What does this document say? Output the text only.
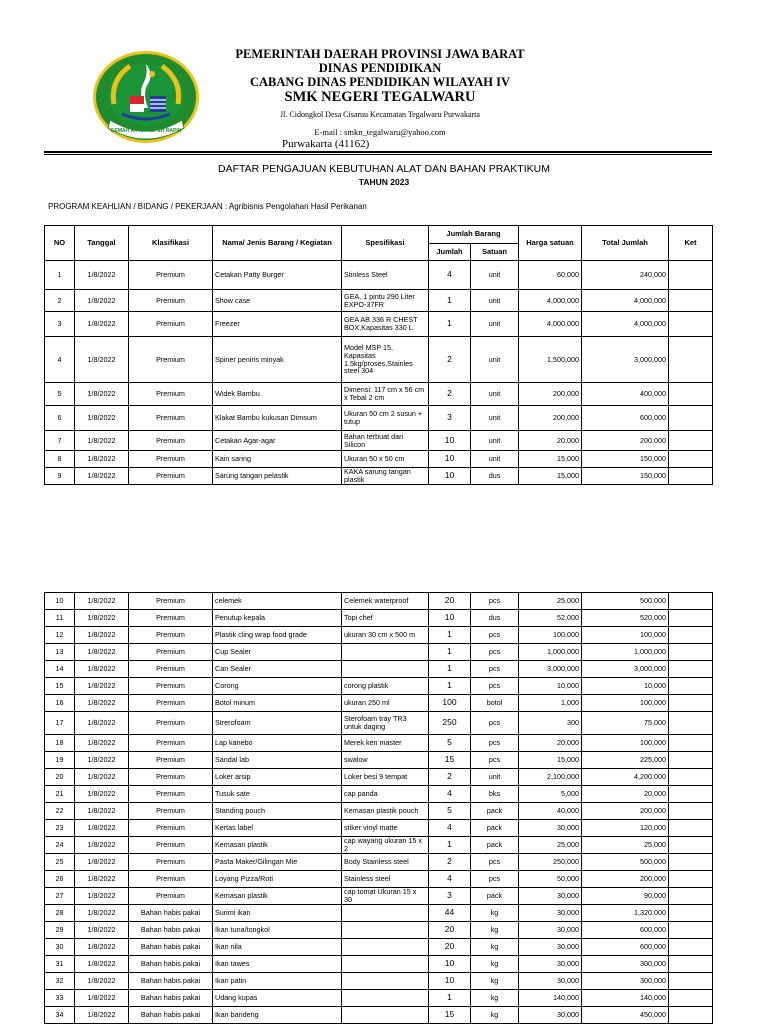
GEMAH RIPAH REPEH RAPIH
PEMERINTAH DAERAH PROVINSI JAWA BARAT
DINAS PENDIDIKAN
CABANG DINAS PENDIDIKAN WILAYAH IV
SMK NEGERI TEGALWARU
Jl. Cidongkol Desa Cisaruu Kecamatan Tegalwaru Purwakarta
E-mail : smkn_tegalwaru@yahoo.com
Purwakarta (41162)
DAFTAR PENGAJUAN KEBUTUHAN ALAT DAN BAHAN PRAKTIKUM
TAHUN 2023
PROGRAM KEAHLIAN / BIDANG / PEKERJAAN : Agribisnis Pengolahan Hasil Perikanan
NO	Tanggal	Klasifikasi	Nama/ Jenis Barang / Kegiatan	Spesifikasi	Jumlah Barang		Harga satuan	Total Jumlah	Ket
					Jumlah	Satuan			
1	1/8/2022	Premium	Cetakan Patty Burger	Stinless Steel	4	unit	60,000	240,000	
2	1/8/2022	Premium	Show case	GEA, 1 pintu 290 Liter EXPO-37FR	1	unit	4,000,000	4,000,000	
3	1/8/2022	Premium	Freezer	GEA AB 336 R CHEST BOX,Kapasitas 330 L	1	unit	4,000,000	4,000,000	
4	1/8/2022	Premium	Spiner peniris minyak	Model MSP 15, Kapasitas 1.5kg/proses,Stainles steel 304	2	unit	1,500,000	3,000,000	
5	1/8/2022	Premium	Widek Bambu	Dimensi: 117 cm x 56 cm x Tebal 2 cm	2	unit	200,000	400,000	
6	1/8/2022	Premium	Klakat Bambu kukusan Dimsum	Ukuran 50 cm 2 susun + tutup	3	unit	200,000	600,000	
7	1/8/2022	Premium	Cetakan Agar-agar	Bahan terbuat dari Silicon	10	unit	20,000	200,000	
8	1/8/2022	Premium	Kain saring	Ukuran 50 x 50 cm	10	unit	15,000	150,000	
9	1/8/2022	Premium	Sarung tangan pelastik	KAKA sarung tangan plastik	10	dus	15,000	150,000	
10	1/8/2022	Premium	celemek	Celemek waterproof	20	pcs	25,000	500,000	
11	1/8/2022	Premium	Penutup kepala	Topi chef	10	dus	52,000	520,000	
12	1/8/2022	Premium	Plastik cling wrap food grade	ukuran 30 cm x 500 m	1	pcs	100,000	100,000	
13	1/8/2022	Premium	Cup Sealer		1	pcs	1,000,000	1,000,000	
14	1/8/2022	Premium	Can Sealer		1	pcs	3,000,000	3,000,000	
15	1/8/2022	Premium	Corong	corong plastik	1	pcs	10,000	10,000	
16	1/8/2022	Premium	Botol minum	ukuran 250 ml	100	botol	1,000	100,000	
17	1/8/2022	Premium	Strerofoam	Sterofoam tray TR3 untuk daging	250	pcs	300	75,000	
18	1/8/2022	Premium	Lap kanebo	Merek ken master	5	pcs	20,000	100,000	
19	1/8/2022	Premium	Sandal lab	swalow	15	pcs	15,000	225,000	
20	1/8/2022	Premium	Loker arsip	Loker besi 9 tempat	2	unit	2,100,000	4,200,000	
21	1/8/2022	Premium	Tusuk sate	cap panda	4	bks	5,000	20,000	
22	1/8/2022	Premium	Standing pouch	Kemasan plastik pouch	5	pack	40,000	200,000	
23	1/8/2022	Premium	Kertas label	stiker vinyl matte	4	pack	30,000	120,000	
24	1/8/2022	Premium	Kemasan plastik	cap wayang ukuran 15 x 2	1	pack	25,000	25,000	
25	1/8/2022	Premium	Pasta Maker/Gilingan Mie	Body Stainless steel	2	pcs	250,000	500,000	
26	1/8/2022	Premium	Loyang Pizza/Roti	Stainless steel	4	pcs	50,000	200,000	
27	1/8/2022	Premium	Kemasan plastik	cap tomat Ukuran 15 x 30	3	pack	30,000	90,000	
28	1/8/2022	Bahan habis pakai	Surimi ikan		44	kg	30,000	1,320,000	
29	1/8/2022	Bahan habis pakai	Ikan tuna/tongkol		20	kg	30,000	600,000	
30	1/8/2022	Bahan habis pakai	Ikan nila		20	kg	30,000	600,000	
31	1/8/2022	Bahan habis pakai	Ikan tawes		10	kg	30,000	300,000	
32	1/8/2022	Bahan habis pakai	Ikan patin		10	kg	30,000	300,000	
33	1/8/2022	Bahan habis pakai	Udang kupas		1	kg	140,000	140,000	
34	1/8/2022	Bahan habis pakai	Ikan bandeng		15	kg	30,000	450,000	
